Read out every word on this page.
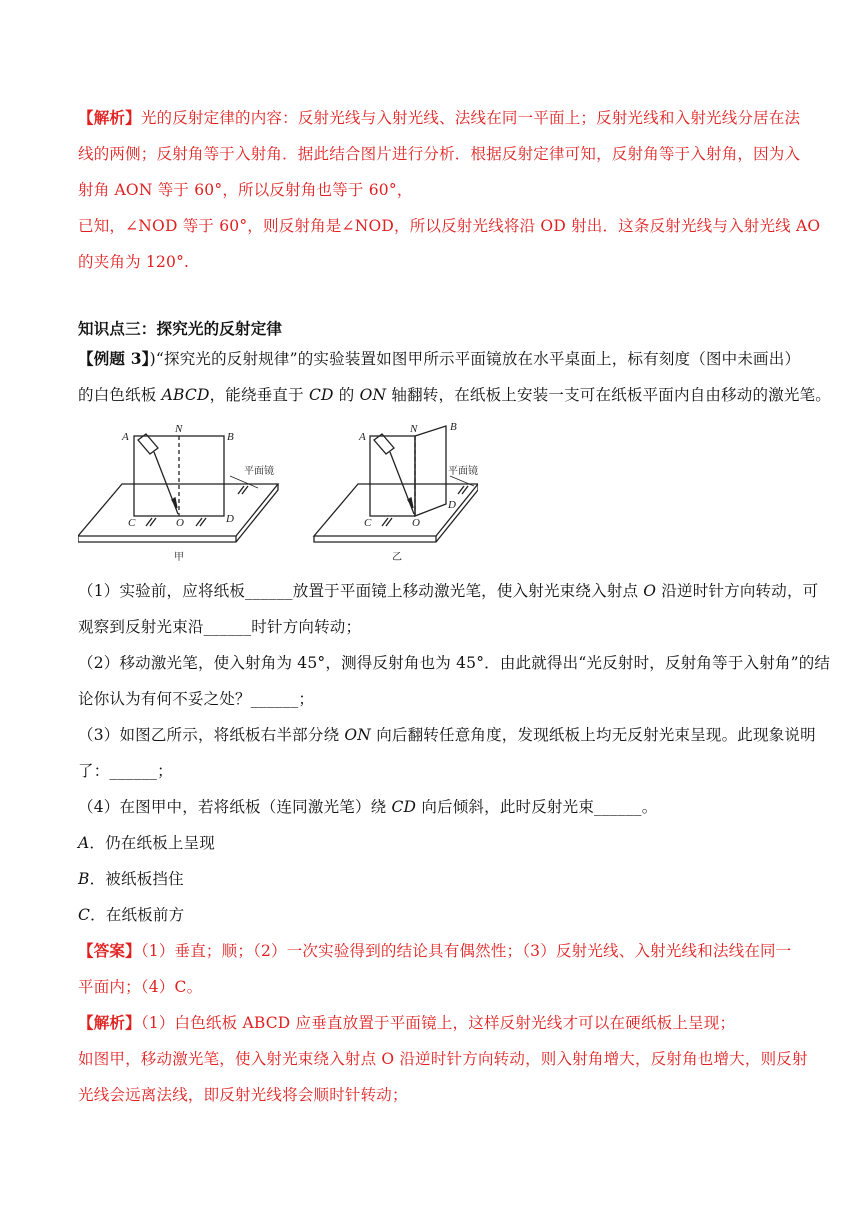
【解析】光的反射定律的内容：反射光线与入射光线、法线在同一平面上；反射光线和入射光线分居在法
线的两侧；反射角等于入射角．据此结合图片进行分析．根据反射定律可知，反射角等于入射角，因为入
射角 AON 等于 60°，所以反射角也等于 60°，
已知，∠NOD 等于 60°，则反射角是∠NOD，所以反射光线将沿 OD 射出．这条反射光线与入射光线 AO
的夹角为 120°.
知识点三：探究光的反射定律
【例题 3】)“探究光的反射规律”的实验装置如图甲所示平面镜放在水平桌面上，标有刻度（图中未画出）
的白色纸板 ABCD，能绕垂直于 CD 的 ON 轴翻转，在纸板上安装一支可在纸板平面内自由移动的激光笔。
（1）实验前，应将纸板______放置于平面镜上移动激光笔，使入射光束绕入射点 O 沿逆时针方向转动，可
观察到反射光束沿______时针方向转动；
（2）移动激光笔，使入射角为 45°，测得反射角也为 45°．由此就得出“光反射时，反射角等于入射角”的结
论你认为有何不妥之处？______；
（3）如图乙所示，将纸板右半部分绕 ON 向后翻转任意角度，发现纸板上均无反射光束呈现。此现象说明
了：______；
（4）在图甲中，若将纸板（连同激光笔）绕 CD 向后倾斜，此时反射光束______。
A．仍在纸板上呈现
B．被纸板挡住
C．在纸板前方
【答案】（1）垂直；顺；（2）一次实验得到的结论具有偶然性；（3）反射光线、入射光线和法线在同一
平面内；（4）C。
【解析】（1）白色纸板 ABCD 应垂直放置于平面镜上，这样反射光线才可以在硬纸板上呈现；
如图甲，移动激光笔，使入射光束绕入射点 O 沿逆时针方向转动，则入射角增大，反射角也增大，则反射
光线会远离法线，即反射光线将会顺时针转动；
A
N
B
C	O	D
A
N	B
C	O
D
平面镜	平面镜
甲	乙
